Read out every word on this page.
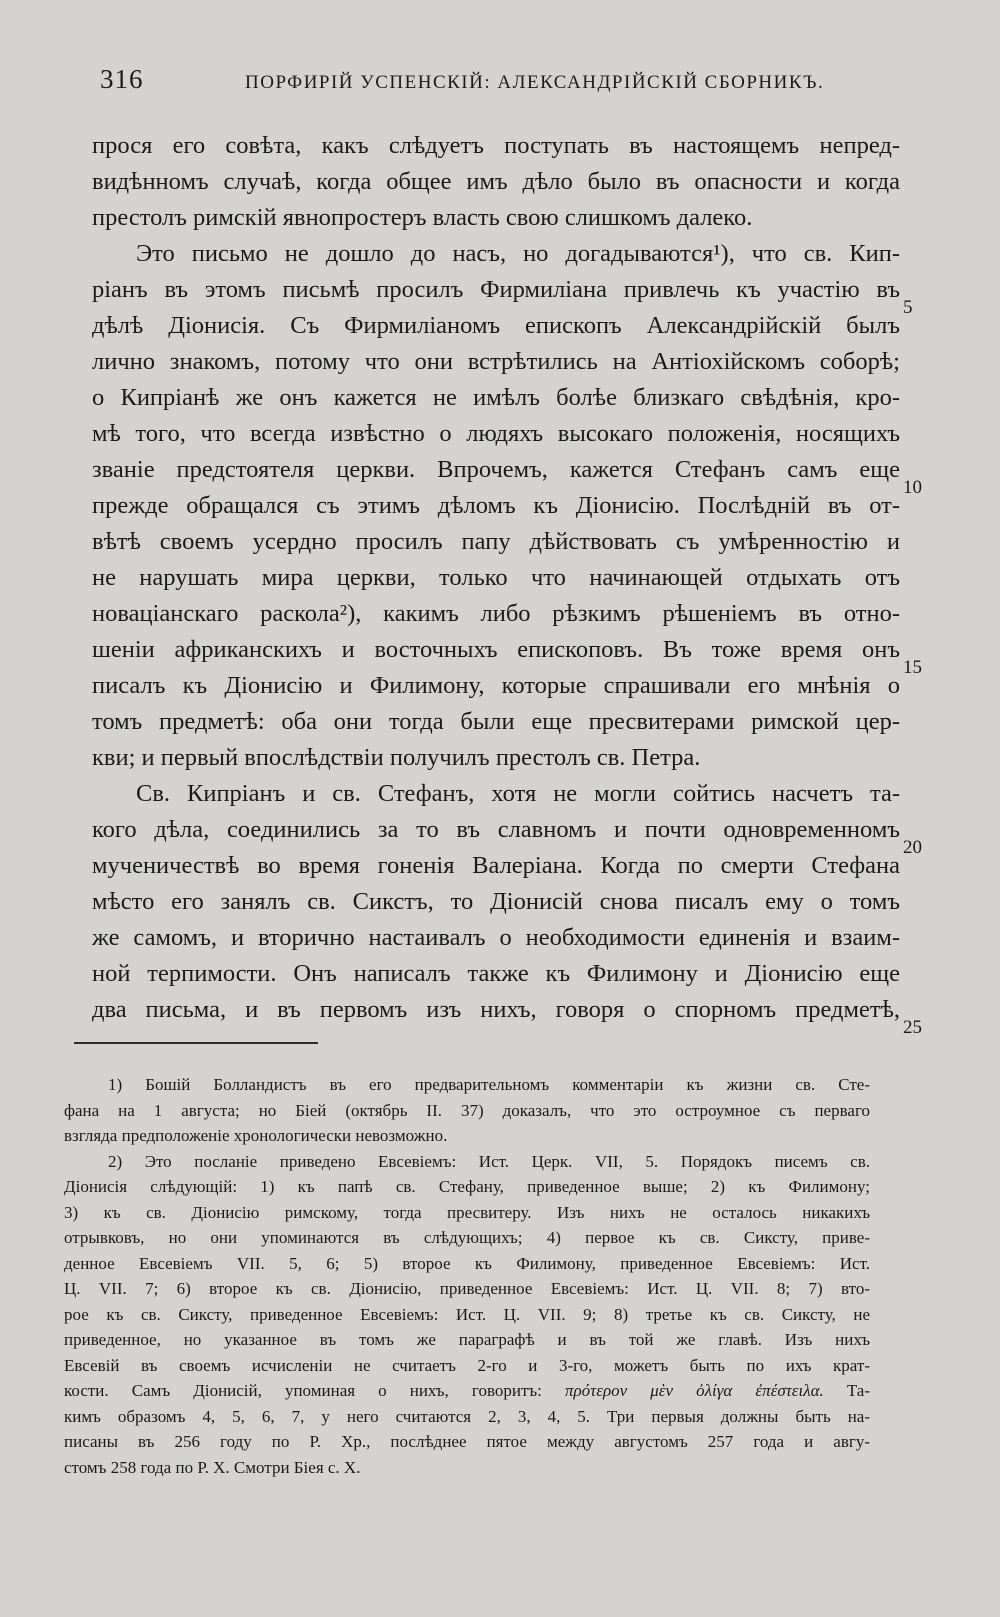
316	ПОРФИРІЙ УСПЕНСКІЙ: АЛЕКСАНДРІЙСКІЙ СБОРНИКЪ.
прося его совѣта, какъ слѣдуетъ поступать въ настоящемъ непред-
видѣнномъ случаѣ, когда общее имъ дѣло было въ опасности и когда
престолъ римскій явнопростеръ власть свою слишкомъ далеко.
Это письмо не дошло до насъ, но догадываются¹), что св. Кип-
ріанъ въ этомъ письмѣ просилъ Фирмиліана привлечь къ участію въ
дѣлѣ Діонисія. Съ Фирмиліаномъ епископъ Александрійскій былъ
лично знакомъ, потому что они встрѣтились на Антіохійскомъ соборѣ;
о Кипріанѣ же онъ кажется не имѣлъ болѣе близкаго свѣдѣнія, кро-
мѣ того, что всегда извѣстно о людяхъ высокаго положенія, носящихъ
званіе предстоятеля церкви. Впрочемъ, кажется Стефанъ самъ еще
прежде обращался съ этимъ дѣломъ къ Діонисію. Послѣдній въ от-
вѣтѣ своемъ усердно просилъ папу дѣйствовать съ умѣренностію и
не нарушать мира церкви, только что начинающей отдыхать отъ
новаціанскаго раскола²), какимъ либо рѣзкимъ рѣшеніемъ въ отно-
шеніи африканскихъ и восточныхъ епископовъ. Въ тоже время онъ
писалъ къ Діонисію и Филимону, которые спрашивали его мнѣнія о
томъ предметѣ: оба они тогда были еще пресвитерами римской цер-
кви; и первый впослѣдствіи получилъ престолъ св. Петра.
Св. Кипріанъ и св. Стефанъ, хотя не могли сойтись насчетъ та-
кого дѣла, соединились за то въ славномъ и почти одновременномъ
мученичествѣ во время гоненія Валеріана. Когда по смерти Стефана
мѣсто его занялъ св. Сикстъ, то Діонисій снова писалъ ему о томъ
же самомъ, и вторично настаивалъ о необходимости единенія и взаим-
ной терпимости. Онъ написалъ также къ Филимону и Діонисію еще
два письма, и въ первомъ изъ нихъ, говоря о спорномъ предметѣ,
5
10
15
20
25
1) Бошій Болландистъ въ его предварительномъ комментаріи къ жизни св. Сте-
фана на 1 августа; но Біей (октябрь II. 37) доказалъ, что это остроумное съ перваго
взгляда предположеніе хронологически невозможно.
2) Это посланіе приведено Евсевіемъ: Ист. Церк. VII, 5. Порядокъ писемъ св.
Діонисія слѣдующій: 1) къ папѣ св. Стефану, приведенное выше; 2) къ Филимону;
3) къ св. Діонисію римскому, тогда пресвитеру. Изъ нихъ не осталось никакихъ
отрывковъ, но они упоминаются въ слѣдующихъ; 4) первое къ св. Сиксту, приве-
денное Евсевіемъ VII. 5, 6; 5) второе къ Филимону, приведенное Евсевіемъ: Ист.
Ц. VII. 7; 6) второе къ св. Діонисію, приведенное Евсевіемъ: Ист. Ц. VII. 8; 7) вто-
рое къ св. Сиксту, приведенное Евсевіемъ: Ист. Ц. VII. 9; 8) третье къ св. Сиксту, не
приведенное, но указанное въ томъ же параграфѣ и въ той же главѣ. Изъ нихъ
Евсевій въ своемъ исчисленіи не считаетъ 2-го и 3-го, можетъ быть по ихъ крат-
кости. Самъ Діонисій, упоминая о нихъ, говоритъ: πρότερον μὲν ὀλίγα ἐπέστειλα. Та-
кимъ образомъ 4, 5, 6, 7, у него считаются 2, 3, 4, 5. Три первыя должны быть на-
писаны въ 256 году по Р. Хр., послѣднее пятое между августомъ 257 года и авгу-
стомъ 258 года по Р. Х. Смотри Біея с. X.
